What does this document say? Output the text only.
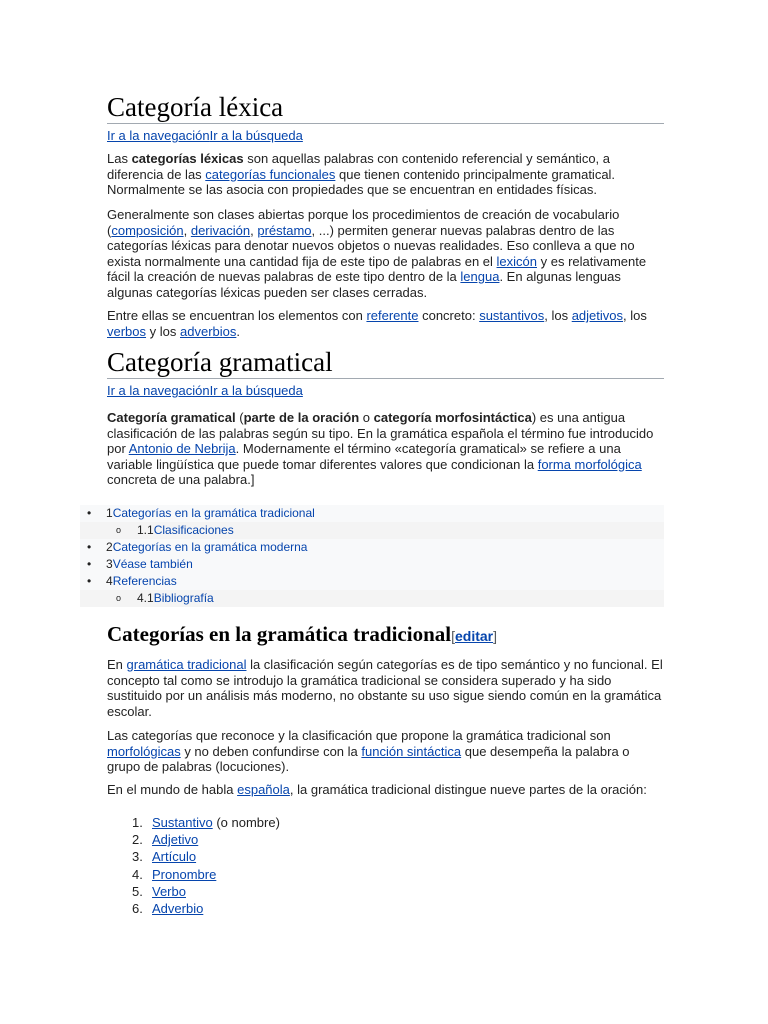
Categoría léxica
Ir a la navegaciónIr a la búsqueda

Las categorías léxicas son aquellas palabras con contenido referencial y semántico, a diferencia de las categorías funcionales que tienen contenido principalmente gramatical. Normalmente se las asocia con propiedades que se encuentran en entidades físicas.

Generalmente son clases abiertas porque los procedimientos de creación de vocabulario (composición, derivación, préstamo, ...) permiten generar nuevas palabras dentro de las categorías léxicas para denotar nuevos objetos o nuevas realidades. Eso conlleva a que no exista normalmente una cantidad fija de este tipo de palabras en el lexicón y es relativamente fácil la creación de nuevas palabras de este tipo dentro de la lengua. En algunas lenguas algunas categorías léxicas pueden ser clases cerradas.

Entre ellas se encuentran los elementos con referente concreto: sustantivos, los adjetivos, los verbos y los adverbios.

Categoría gramatical
Ir a la navegaciónIr a la búsqueda

Categoría gramatical (parte de la oración o categoría morfosintáctica) es una antigua clasificación de las palabras según su tipo. En la gramática española el término fue introducido por Antonio de Nebrija. Modernamente el término «categoría gramatical» se refiere a una variable lingüística que puede tomar diferentes valores que condicionan la forma morfológica concreta de una palabra.]

• 1Categorías en la gramática tradicional
o 1.1Clasificaciones
• 2Categorías en la gramática moderna
• 3Véase también
• 4Referencias
o 4.1Bibliografía
Categorías en la gramática tradicional[editar]

En gramática tradicional la clasificación según categorías es de tipo semántico y no funcional. El concepto tal como se introdujo la gramática tradicional se considera superado y ha sido sustituido por un análisis más moderno, no obstante su uso sigue siendo común en la gramática escolar.

Las categorías que reconoce y la clasificación que propone la gramática tradicional son morfológicas y no deben confundirse con la función sintáctica que desempeña la palabra o grupo de palabras (locuciones).

En el mundo de habla española, la gramática tradicional distingue nueve partes de la oración:

1. Sustantivo (o nombre)
2. Adjetivo
3. Artículo
4. Pronombre
5. Verbo
6. Adverbio
